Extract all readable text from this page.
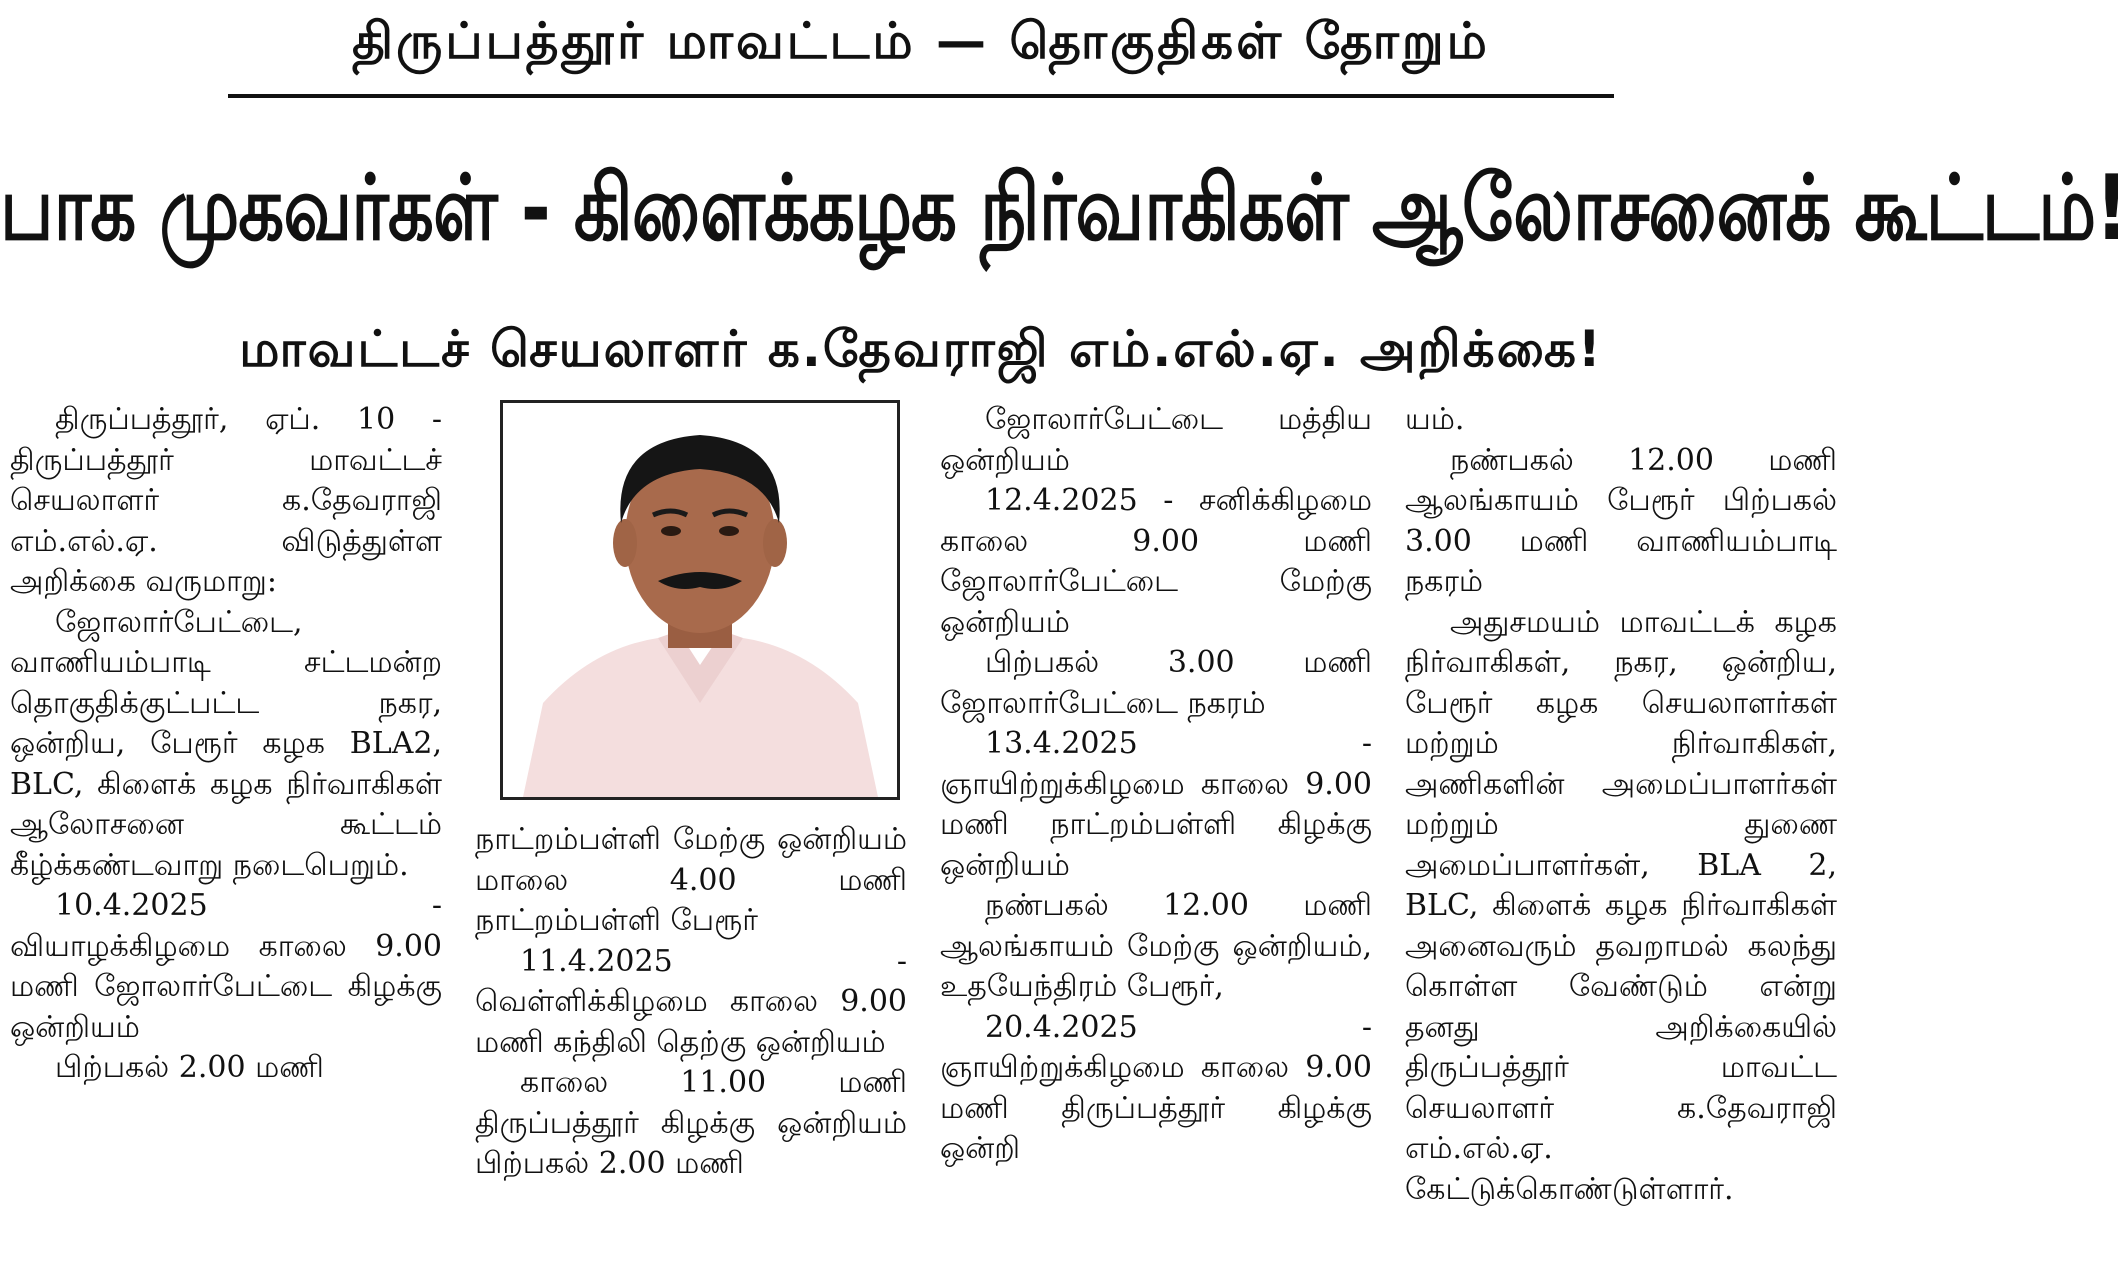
திருப்பத்தூர் மாவட்டம் — தொகுதிகள் தோறும்
பாக முகவர்கள் - கிளைக்கழக நிர்வாகிகள் ஆலோசனைக் கூட்டம்!
மாவட்டச் செயலாளர் க.தேவராஜி எம்.எல்.ஏ. அறிக்கை!

திருப்பத்தூர், ஏப். 10 - திருப்பத்தூர் மாவட்டச் செயலாளர் க.தேவராஜி எம்.எல்.ஏ. விடுத்துள்ள அறிக்கை வருமாறு:

ஜோலார்பேட்டை, வாணியம்பாடி சட்டமன்ற தொகுதிக்குட்பட்ட நகர, ஒன்றிய, பேரூர் கழக BLA2, BLC, கிளைக் கழக நிர்வாகிகள் ஆலோசனை கூட்டம் கீழ்க்கண்டவாறு நடைபெறும்.

10.4.2025 - வியாழக்கிழமை காலை 9.00 மணி ஜோலார்பேட்டை கிழக்கு ஒன்றியம்

பிற்பகல் 2.00 மணி

நாட்றம்பள்ளி மேற்கு ஒன்றியம் மாலை 4.00 மணி நாட்றம்பள்ளி பேரூர்

11.4.2025 - வெள்ளிக்கிழமை காலை 9.00 மணி கந்திலி தெற்கு ஒன்றியம்

காலை 11.00 மணி திருப்பத்தூர் கிழக்கு ஒன்றியம் பிற்பகல் 2.00 மணி

ஜோலார்பேட்டை மத்திய ஒன்றியம்

12.4.2025 - சனிக்கிழமை காலை 9.00 மணி ஜோலார்பேட்டை மேற்கு ஒன்றியம்

பிற்பகல் 3.00 மணி ஜோலார்பேட்டை நகரம்

13.4.2025 - ஞாயிற்றுக்கிழமை காலை 9.00 மணி நாட்றம்பள்ளி கிழக்கு ஒன்றியம்

நண்பகல் 12.00 மணி ஆலங்காயம் மேற்கு ஒன்றியம், உதயேந்திரம் பேரூர்,

20.4.2025 - ஞாயிற்றுக்கிழமை காலை 9.00 மணி திருப்பத்தூர் கிழக்கு ஒன்றி

யம்.

நண்பகல் 12.00 மணி ஆலங்காயம் பேரூர் பிற்பகல் 3.00 மணி வாணியம்பாடி நகரம்

அதுசமயம் மாவட்டக் கழக நிர்வாகிகள், நகர, ஒன்றிய, பேரூர் கழக செயலாளர்கள் மற்றும் நிர்வாகிகள், அணிகளின் அமைப்பாளர்கள் மற்றும் துணை அமைப்பாளர்கள், BLA 2, BLC, கிளைக் கழக நிர்வாகிகள் அனைவரும் தவறாமல் கலந்து கொள்ள வேண்டும் என்று தனது அறிக்கையில் திருப்பத்தூர் மாவட்ட செயலாளர் க.தேவராஜி எம்.எல்.ஏ. கேட்டுக்கொண்டுள்ளார்.
